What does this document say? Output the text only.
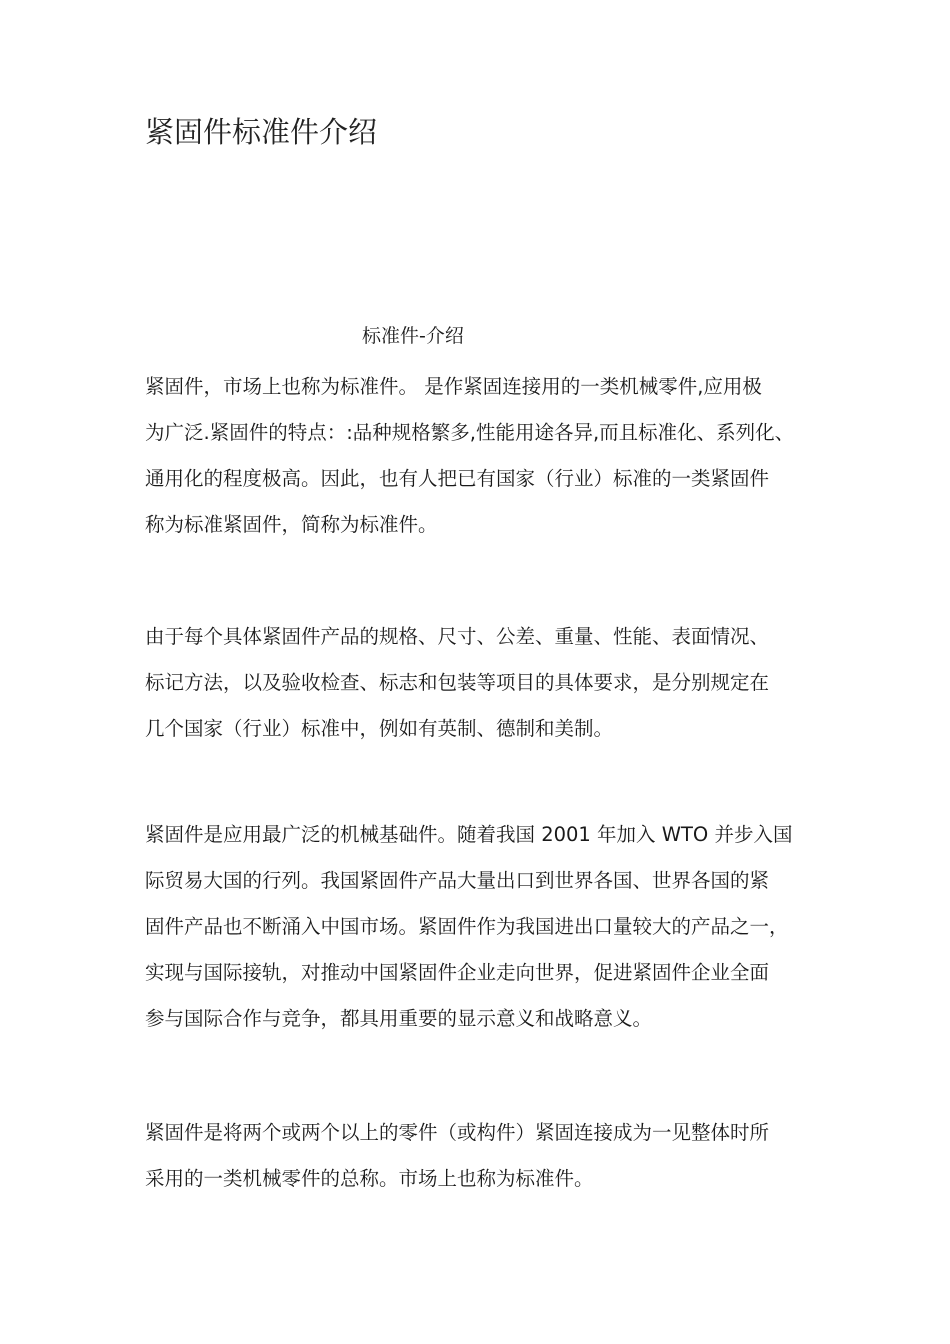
紧固件标准件介绍
标准件-介绍

紧固件，市场上也称为标准件。 是作紧固连接用的一类机械零件,应用极
为广泛.紧固件的特点：:品种规格繁多,性能用途各异,而且标准化、系列化、
通用化的程度极高。因此，也有人把已有国家（行业）标准的一类紧固件
称为标准紧固件，简称为标准件。

由于每个具体紧固件产品的规格、尺寸、公差、重量、性能、表面情况、
标记方法，以及验收检查、标志和包装等项目的具体要求，是分别规定在
几个国家（行业）标准中，例如有英制、德制和美制。

紧固件是应用最广泛的机械基础件。随着我国 2001 年加入 WTO 并步入国
际贸易大国的行列。我国紧固件产品大量出口到世界各国、世界各国的紧
固件产品也不断涌入中国市场。紧固件作为我国进出口量较大的产品之一，
实现与国际接轨，对推动中国紧固件企业走向世界，促进紧固件企业全面
参与国际合作与竞争，都具用重要的显示意义和战略意义。

紧固件是将两个或两个以上的零件（或构件）紧固连接成为一见整体时所
采用的一类机械零件的总称。市场上也称为标准件。
